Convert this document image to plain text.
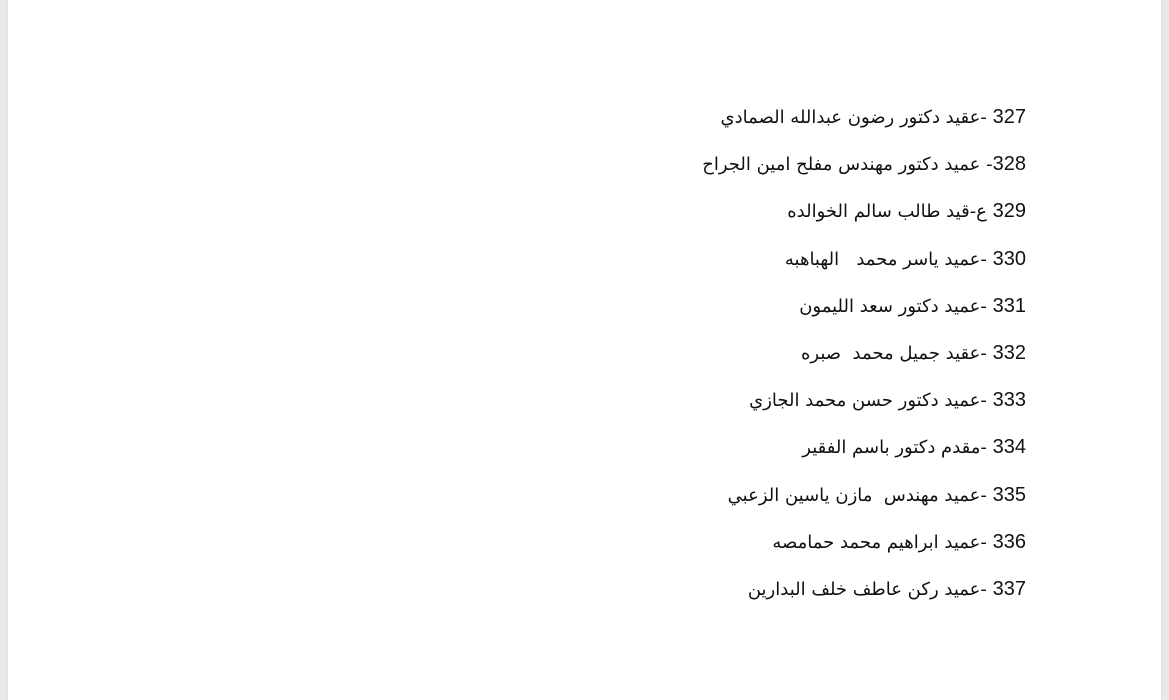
327 -عقيد دكتور رضون عبدالله الصمادي
328- عميد دكتور مهندس مفلح امين الجراح
329 ع-قيد طالب سالم الخوالده
330 -عميد ياسر محمد   الهباهبه
331 -عميد دكتور سعد الليمون
332 -عقيد جميل محمد  صبره
333 -عميد دكتور حسن محمد الجازي
334 -مقدم دكتور باسم الفقير
335 -عميد مهندس  مازن ياسين الزعبي
336 -عميد ابراهيم محمد حمامصه
337 -عميد ركن عاطف خلف البدارين
